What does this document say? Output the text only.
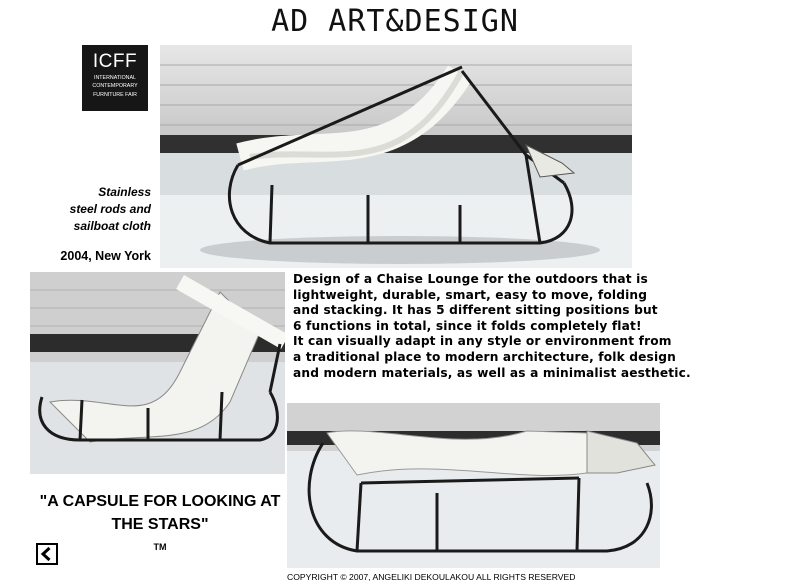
AD ART&DESIGN
ICFF
INTERNATIONAL
CONTEMPORARY
FURNITURE FAIR
Stainless
steel rods and
sailboat cloth
2004, New York
Design of a Chaise Lounge for the outdoors that is
lightweight, durable, smart, easy to move, folding
and stacking. It has 5 different sitting positions but
6 functions in total, since it folds completely flat!
It can visually adapt in any style or environment from
a traditional place to modern architecture, folk design
and modern materials, as well as a minimalist aesthetic.
"A CAPSULE FOR LOOKING AT
THE STARS"
™
COPYRIGHT © 2007, ANGELIKI DEKOULAKOU ALL RIGHTS RESERVED
